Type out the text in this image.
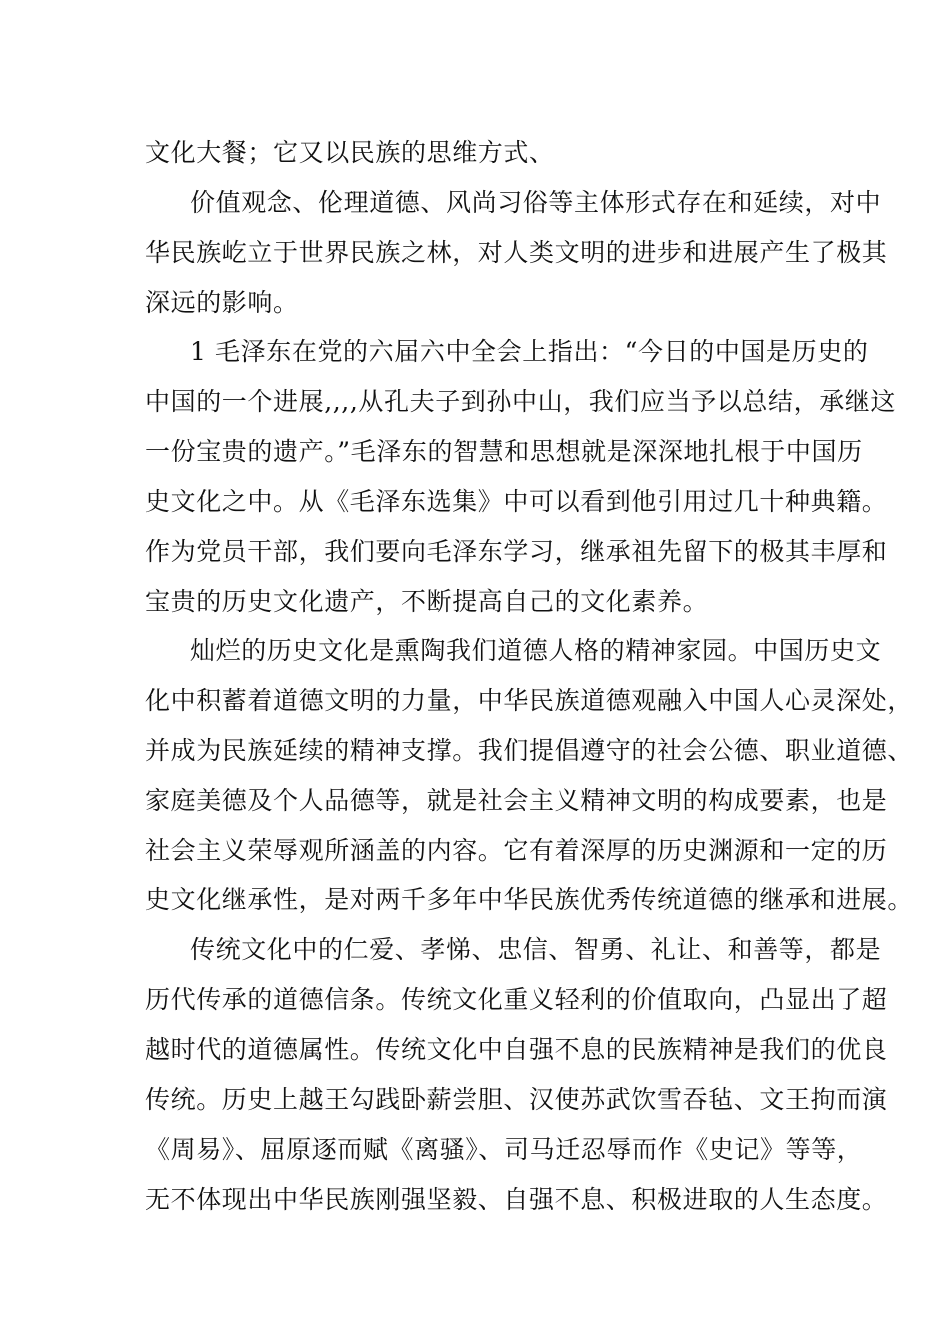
文化大餐；它又以民族的思维方式、
价值观念、伦理道德、风尚习俗等主体形式存在和延续，对中
华民族屹立于世界民族之林，对人类文明的进步和进展产生了极其
深远的影响。
1 毛泽东在党的六届六中全会上指出：“今日的中国是历史的
中国的一个进展,,,,从孔夫子到孙中山，我们应当予以总结，承继这
一份宝贵的遗产。”毛泽东的智慧和思想就是深深地扎根于中国历
史文化之中。从《毛泽东选集》中可以看到他引用过几十种典籍。
作为党员干部，我们要向毛泽东学习，继承祖先留下的极其丰厚和
宝贵的历史文化遗产，不断提高自己的文化素养。
灿烂的历史文化是熏陶我们道德人格的精神家园。中国历史文
化中积蓄着道德文明的力量，中华民族道德观融入中国人心灵深处，
并成为民族延续的精神支撑。我们提倡遵守的社会公德、职业道德、
家庭美德及个人品德等，就是社会主义精神文明的构成要素，也是
社会主义荣辱观所涵盖的内容。它有着深厚的历史渊源和一定的历
史文化继承性，是对两千多年中华民族优秀传统道德的继承和进展。
传统文化中的仁爱、孝悌、忠信、智勇、礼让、和善等，都是
历代传承的道德信条。传统文化重义轻利的价值取向，凸显出了超
越时代的道德属性。传统文化中自强不息的民族精神是我们的优良
传统。历史上越王勾践卧薪尝胆、汉使苏武饮雪吞毡、文王拘而演
《周易》、屈原逐而赋《离骚》、司马迁忍辱而作《史记》等等，
无不体现出中华民族刚强坚毅、自强不息、积极进取的人生态度。
